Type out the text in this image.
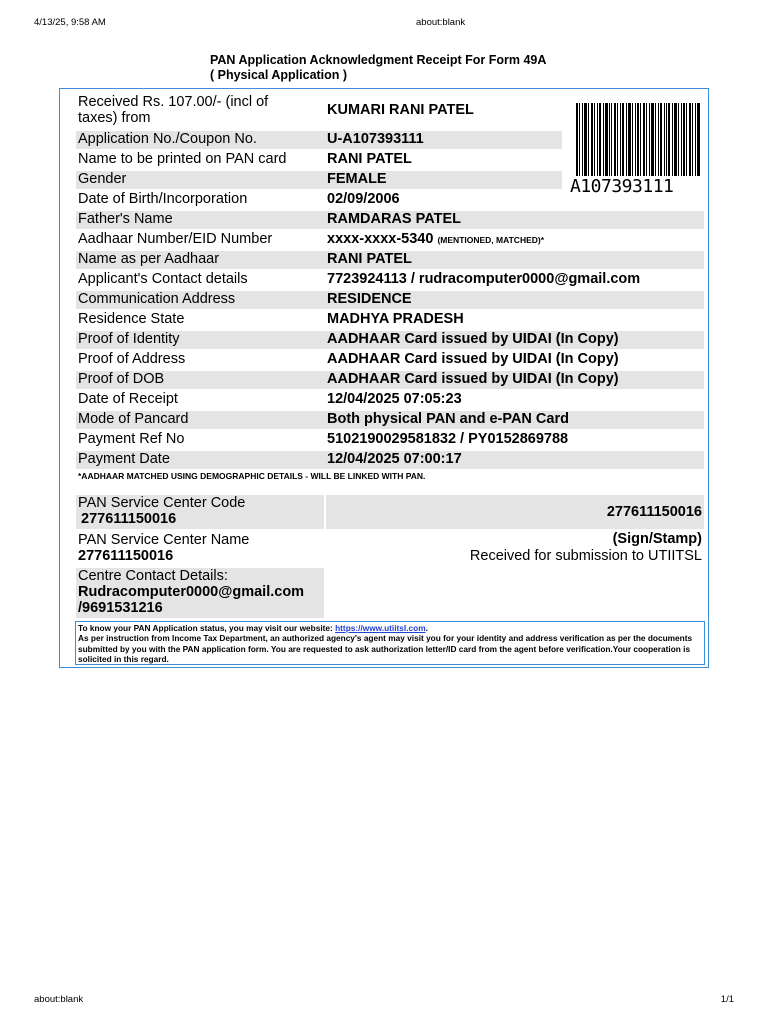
4/13/25, 9:58 AM	about:blank
PAN Application Acknowledgment Receipt For Form 49A
( Physical Application )
Received Rs. 107.00/- (incl of
taxes) from	KUMARI RANI PATEL
Application No./Coupon No.	U-A107393111
Name to be printed on PAN card	RANI PATEL
Gender	FEMALE
Date of Birth/Incorporation	02/09/2006
Father's Name	RAMDARAS PATEL
Aadhaar Number/EID Number	xxxx-xxxx-5340 (MENTIONED, MATCHED)*
Name as per Aadhaar	RANI PATEL
Applicant's Contact details	7723924113 / rudracomputer0000@gmail.com
Communication Address	RESIDENCE
Residence State	MADHYA PRADESH
Proof of Identity	AADHAAR Card issued by UIDAI (In Copy)
Proof of Address	AADHAAR Card issued by UIDAI (In Copy)
Proof of DOB	AADHAAR Card issued by UIDAI (In Copy)
Date of Receipt	12/04/2025 07:05:23
Mode of Pancard	Both physical PAN and e-PAN Card
Payment Ref No	5102190029581832 / PY0152869788
Payment Date	12/04/2025 07:00:17
A107393111
*AADHAAR MATCHED USING DEMOGRAPHIC DETAILS - WILL BE LINKED WITH PAN.
PAN Service Center Code
277611150016	277611150016
PAN Service Center Name
277611150016
(Sign/Stamp)
Received for submission to UTIITSL
Centre Contact Details:
Rudracomputer0000@gmail.com
/9691531216
To know your PAN Application status, you may visit our website: https://www.utiitsl.com.
As per instruction from Income Tax Department, an authorized agency's agent may visit you for your identity and address verification as per the documents submitted by you with the PAN application form. You are requested to ask authorization letter/ID card from the agent before verification.Your cooperation is solicited in this regard.
about:blank	1/1
